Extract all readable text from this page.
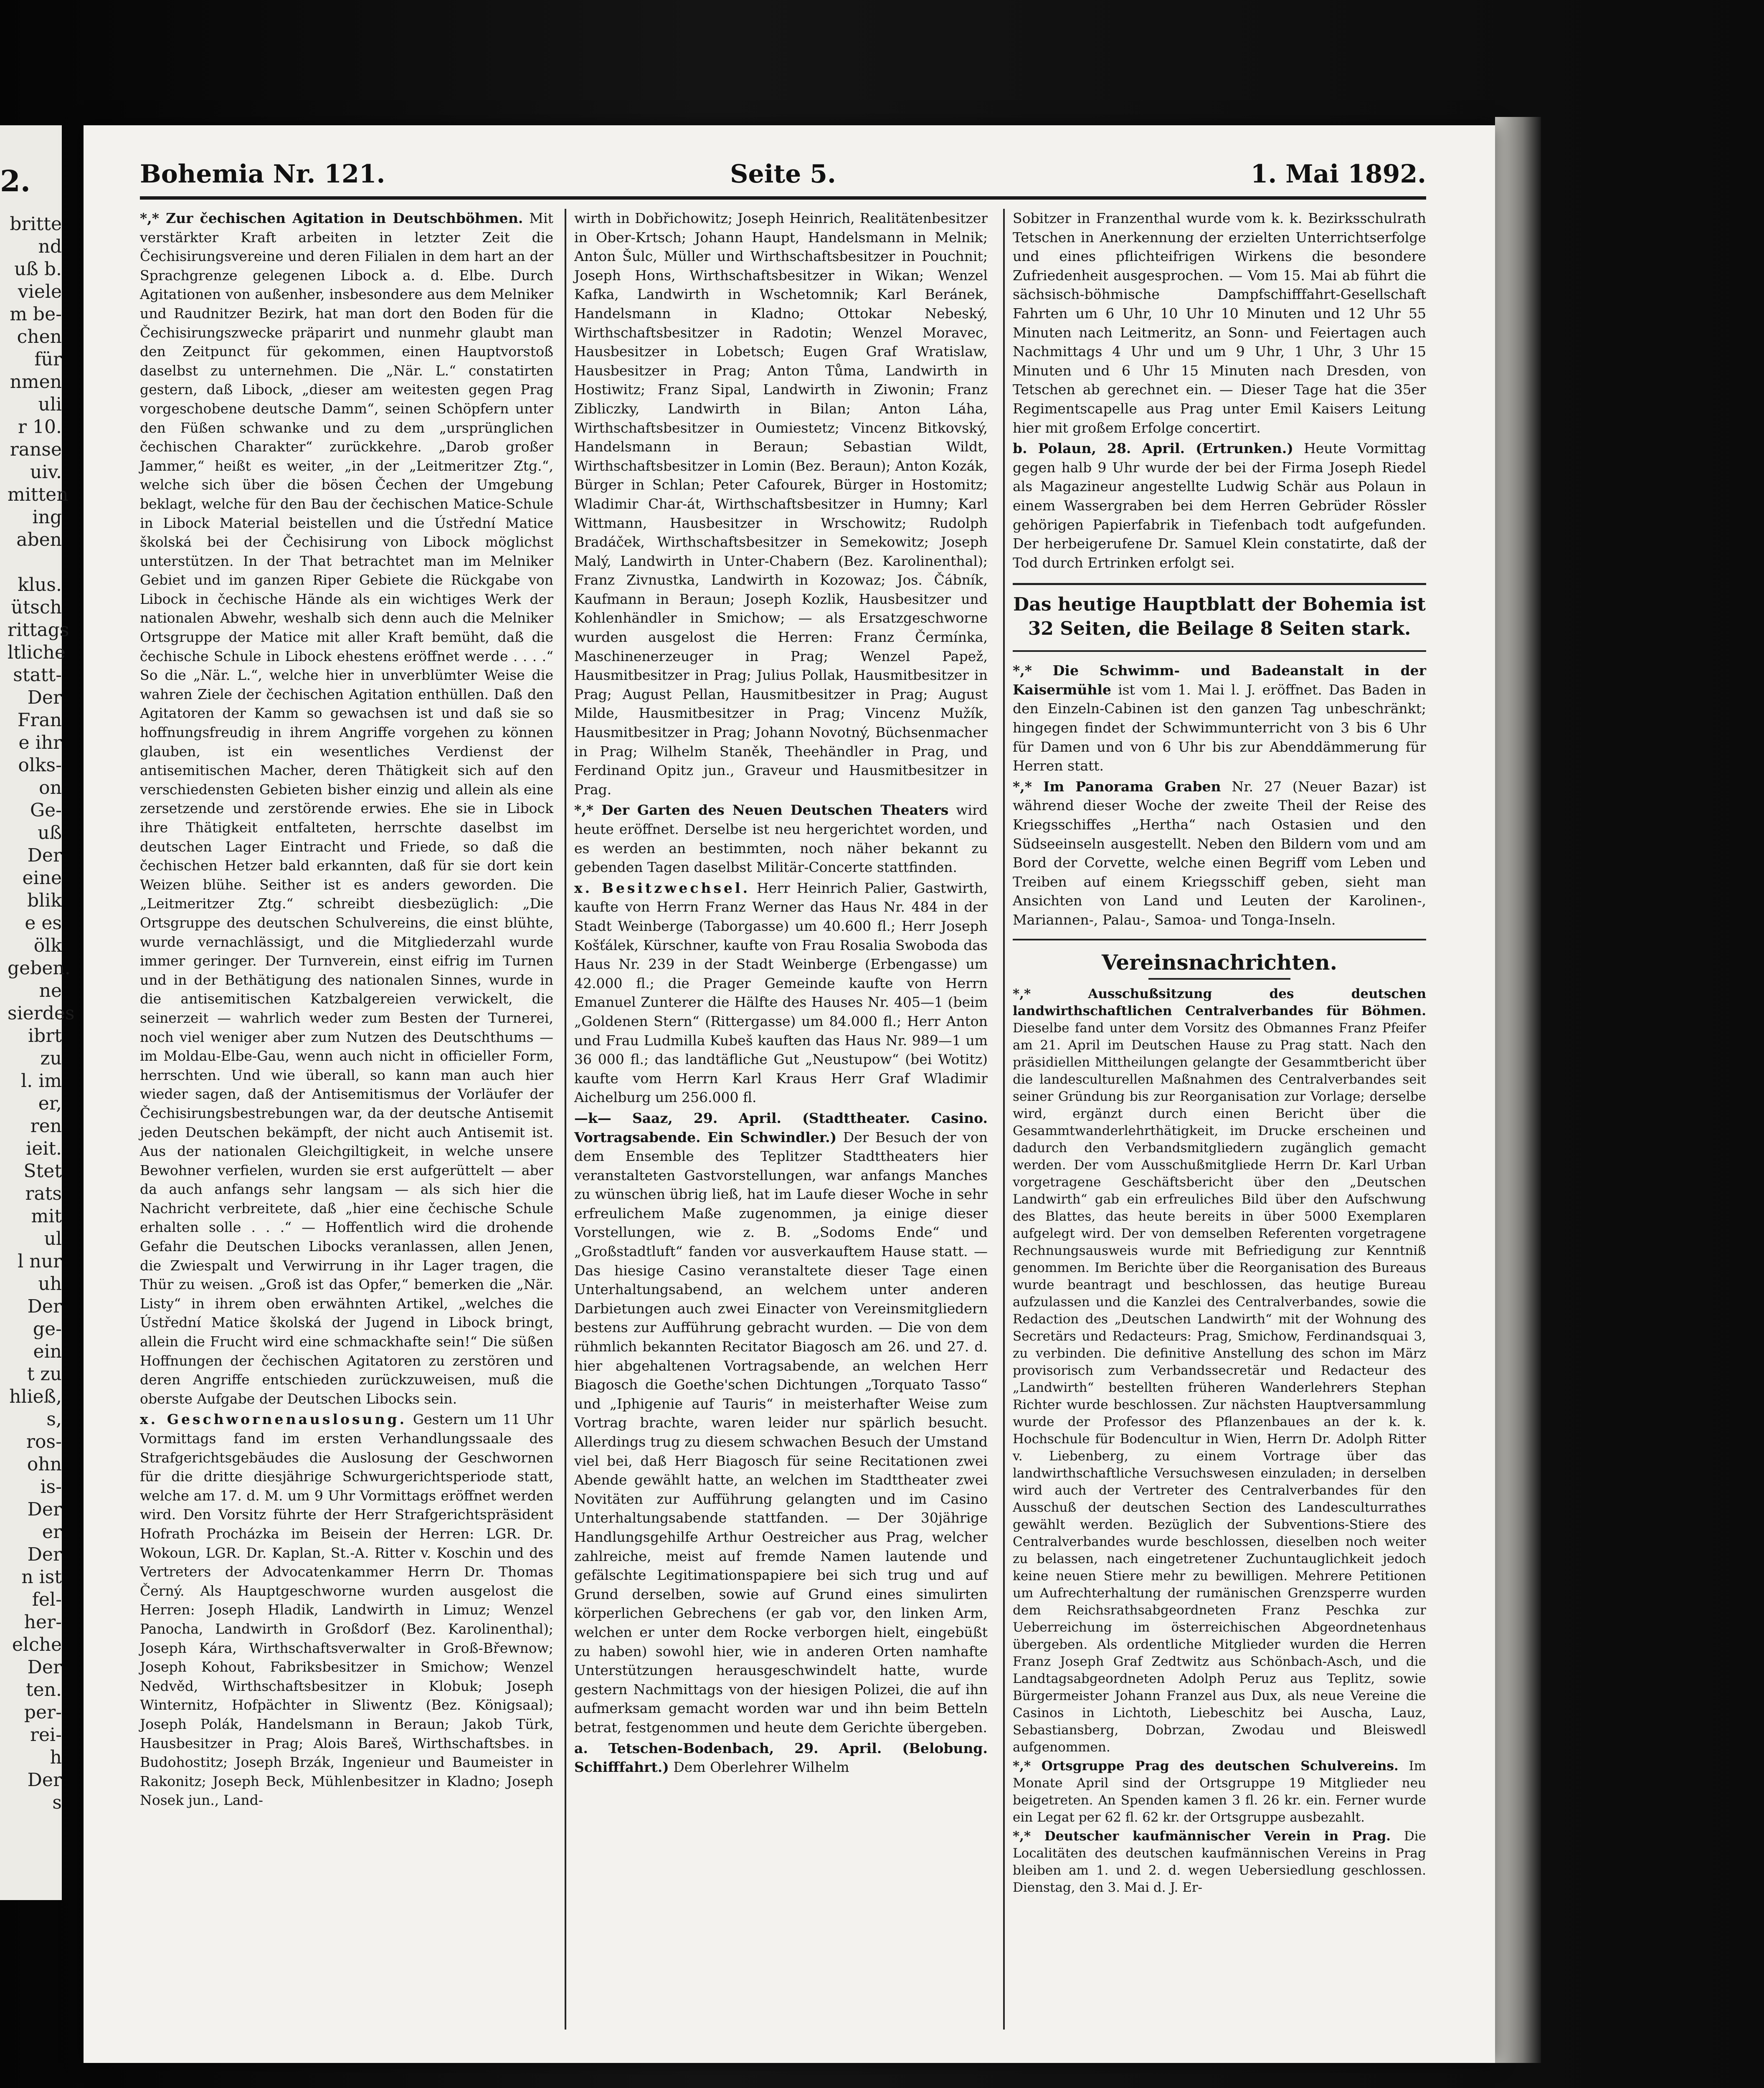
2.
britte
nd
uß b.
viele
m be-
chen
für
nmen
uli
r 10.
ranse
uiv.
mitten
ing
aben
klus.
ütsch
rittags
ltliche
statt-
Der
Fran
e ihr
olks-
on
Ge-
uß
Der
eine
blik
e es
ölk
geben.
ne
sierdes
ibrt
zu
l. im
er,
ren
ieit.
Stet
rats
mit
ul
l nur
uh
Der
ge-
ein
t zu
hließ,
s,
ros-
ohn
is-
Der
er
Der
n ist
fel-
her-
elche
Der
ten.
per-
rei-
h
Der
s
Seite 5.
Bohemia Nr. 121.	1. Mai 1892.

*,* Zur čechischen Agitation in Deutschböhmen. Mit verstärkter Kraft arbeiten in letzter Zeit die Čechisirungsvereine und deren Filialen in dem hart an der Sprachgrenze gelegenen Libock a. d. Elbe. Durch Agitationen von außenher, insbesondere aus dem Melniker und Raudnitzer Bezirk, hat man dort den Boden für die Čechisirungszwecke präparirt und nunmehr glaubt man den Zeitpunct für gekommen, einen Hauptvorstoß daselbst zu unternehmen. Die „När. L.“ constatirten gestern, daß Libock, „dieser am weitesten gegen Prag vorgeschobene deutsche Damm“, seinen Schöpfern unter den Füßen schwanke und zu dem „ursprünglichen čechischen Charakter“ zurückkehre. „Darob großer Jammer,“ heißt es weiter, „in der „Leitmeritzer Ztg.“, welche sich über die bösen Čechen der Umgebung beklagt, welche für den Bau der čechischen Matice-Schule in Libock Material beistellen und die Ústřední Matice školská bei der Čechisirung von Libock möglichst unterstützen. In der That betrachtet man im Melniker Gebiet und im ganzen Riper Gebiete die Rückgabe von Libock in čechische Hände als ein wichtiges Werk der nationalen Abwehr, weshalb sich denn auch die Melniker Ortsgruppe der Matice mit aller Kraft bemüht, daß die čechische Schule in Libock ehestens eröffnet werde . . . .“ So die „När. L.“, welche hier in unverblümter Weise die wahren Ziele der čechischen Agitation enthüllen. Daß den Agitatoren der Kamm so gewachsen ist und daß sie so hoffnungsfreudig in ihrem Angriffe vorgehen zu können glauben, ist ein wesentliches Verdienst der antisemitischen Macher, deren Thätigkeit sich auf den verschiedensten Gebieten bisher einzig und allein als eine zersetzende und zerstörende erwies. Ehe sie in Libock ihre Thätigkeit entfalteten, herrschte daselbst im deutschen Lager Eintracht und Friede, so daß die čechischen Hetzer bald erkannten, daß für sie dort kein Weizen blühe. Seither ist es anders geworden. Die „Leitmeritzer Ztg.“ schreibt diesbezüglich: „Die Ortsgruppe des deutschen Schulvereins, die einst blühte, wurde vernachlässigt, und die Mitgliederzahl wurde immer geringer. Der Turnverein, einst eifrig im Turnen und in der Bethätigung des nationalen Sinnes, wurde in die antisemitischen Katzbalgereien verwickelt, die seinerzeit — wahrlich weder zum Besten der Turnerei, noch viel weniger aber zum Nutzen des Deutschthums — im Moldau-Elbe-Gau, wenn auch nicht in officieller Form, herrschten. Und wie überall, so kann man auch hier wieder sagen, daß der Antisemitismus der Vorläufer der Čechisirungsbestrebungen war, da der deutsche Antisemit jeden Deutschen bekämpft, der nicht auch Antisemit ist. Aus der nationalen Gleichgiltigkeit, in welche unsere Bewohner verfielen, wurden sie erst aufgerüttelt — aber da auch anfangs sehr langsam — als sich hier die Nachricht verbreitete, daß „hier eine čechische Schule erhalten solle . . .“ — Hoffentlich wird die drohende Gefahr die Deutschen Libocks veranlassen, allen Jenen, die Zwiespalt und Verwirrung in ihr Lager tragen, die Thür zu weisen. „Groß ist das Opfer,“ bemerken die „När. Listy“ in ihrem oben erwähnten Artikel, „welches die Ústřední Matice školská der Jugend in Libock bringt, allein die Frucht wird eine schmackhafte sein!“ Die süßen Hoffnungen der čechischen Agitatoren zu zerstören und deren Angriffe entschieden zurückzuweisen, muß die oberste Aufgabe der Deutschen Libocks sein.

x. Geschwornenauslosung. Gestern um 11 Uhr Vormittags fand im ersten Verhandlungssaale des Strafgerichtsgebäudes die Auslosung der Geschwornen für die dritte diesjährige Schwurgerichtsperiode statt, welche am 17. d. M. um 9 Uhr Vormittags eröffnet werden wird. Den Vorsitz führte der Herr Strafgerichtspräsident Hofrath Procházka im Beisein der Herren: LGR. Dr. Wokoun, LGR. Dr. Kaplan, St.-A. Ritter v. Koschin und des Vertreters der Advocatenkammer Herrn Dr. Thomas Černý. Als Hauptgeschworne wurden ausgelost die Herren: Joseph Hladik, Landwirth in Limuz; Wenzel Panocha, Landwirth in Großdorf (Bez. Karolinenthal); Joseph Kára, Wirthschaftsverwalter in Groß-Břewnow; Joseph Kohout, Fabriksbesitzer in Smichow; Wenzel Nedvěd, Wirthschaftsbesitzer in Klobuk; Joseph Winternitz, Hofpächter in Sliwentz (Bez. Königsaal); Joseph Polák, Handelsmann in Beraun; Jakob Türk, Hausbesitzer in Prag; Alois Bareš, Wirthschaftsbes. in Budohostitz; Joseph Brzák, Ingenieur und Baumeister in Rakonitz; Joseph Beck, Mühlenbesitzer in Kladno; Joseph Nosek jun., Land-

wirth in Dobřichowitz; Joseph Heinrich, Realitätenbesitzer in Ober-Krtsch; Johann Haupt, Handelsmann in Melnik; Anton Šulc, Müller und Wirthschaftsbesitzer in Pouchnit; Joseph Hons, Wirthschaftsbesitzer in Wikan; Wenzel Kafka, Landwirth in Wschetomnik; Karl Beránek, Handelsmann in Kladno; Ottokar Nebeský, Wirthschaftsbesitzer in Radotin; Wenzel Moravec, Hausbesitzer in Lobetsch; Eugen Graf Wratislaw, Hausbesitzer in Prag; Anton Tůma, Landwirth in Hostiwitz; Franz Sipal, Landwirth in Ziwonin; Franz Zibliczky, Landwirth in Bilan; Anton Láha, Wirthschaftsbesitzer in Oumiestetz; Vincenz Bitkovský, Handelsmann in Beraun; Sebastian Wildt, Wirthschaftsbesitzer in Lomin (Bez. Beraun); Anton Kozák, Bürger in Schlan; Peter Cafourek, Bürger in Hostomitz; Wladimir Char-át, Wirthschaftsbesitzer in Humny; Karl Wittmann, Hausbesitzer in Wrschowitz; Rudolph Bradáček, Wirthschaftsbesitzer in Semekowitz; Joseph Malý, Landwirth in Unter-Chabern (Bez. Karolinenthal); Franz Zivnustka, Landwirth in Kozowaz; Jos. Čábník, Kaufmann in Beraun; Joseph Kozlik, Hausbesitzer und Kohlenhändler in Smichow; — als Ersatzgeschworne wurden ausgelost die Herren: Franz Čermínka, Maschinenerzeuger in Prag; Wenzel Papež, Hausmitbesitzer in Prag; Julius Pollak, Hausmitbesitzer in Prag; August Pellan, Hausmitbesitzer in Prag; August Milde, Hausmitbesitzer in Prag; Vincenz Mužík, Hausmitbesitzer in Prag; Johann Novotný, Büchsenmacher in Prag; Wilhelm Staněk, Theehändler in Prag, und Ferdinand Opitz jun., Graveur und Hausmitbesitzer in Prag.

*,* Der Garten des Neuen Deutschen Theaters wird heute eröffnet. Derselbe ist neu hergerichtet worden, und es werden an bestimmten, noch näher bekannt zu gebenden Tagen daselbst Militär-Concerte stattfinden.

x. Besitzwechsel. Herr Heinrich Palier, Gastwirth, kaufte von Herrn Franz Werner das Haus Nr. 484 in der Stadt Weinberge (Taborgasse) um 40.600 fl.; Herr Joseph Košťálek, Kürschner, kaufte von Frau Rosalia Swoboda das Haus Nr. 239 in der Stadt Weinberge (Erbengasse) um 42.000 fl.; die Prager Gemeinde kaufte von Herrn Emanuel Zunterer die Hälfte des Hauses Nr. 405—1 (beim „Goldenen Stern“ (Rittergasse) um 84.000 fl.; Herr Anton und Frau Ludmilla Kubeš kauften das Haus Nr. 989—1 um 36 000 fl.; das landtäfliche Gut „Neustupow“ (bei Wotitz) kaufte vom Herrn Karl Kraus Herr Graf Wladimir Aichelburg um 256.000 fl.

—k— Saaz, 29. April. (Stadttheater. Casino. Vortragsabende. Ein Schwindler.) Der Besuch der von dem Ensemble des Teplitzer Stadttheaters hier veranstalteten Gastvorstellungen, war anfangs Manches zu wünschen übrig ließ, hat im Laufe dieser Woche in sehr erfreulichem Maße zugenommen, ja einige dieser Vorstellungen, wie z. B. „Sodoms Ende“ und „Großstadtluft“ fanden vor ausverkauftem Hause statt. — Das hiesige Casino veranstaltete dieser Tage einen Unterhaltungsabend, an welchem unter anderen Darbietungen auch zwei Einacter von Vereinsmitgliedern bestens zur Aufführung gebracht wurden. — Die von dem rühmlich bekannten Recitator Biagosch am 26. und 27. d. hier abgehaltenen Vortragsabende, an welchen Herr Biagosch die Goethe'schen Dichtungen „Torquato Tasso“ und „Iphigenie auf Tauris“ in meisterhafter Weise zum Vortrag brachte, waren leider nur spärlich besucht. Allerdings trug zu diesem schwachen Besuch der Umstand viel bei, daß Herr Biagosch für seine Recitationen zwei Abende gewählt hatte, an welchen im Stadttheater zwei Novitäten zur Aufführung gelangten und im Casino Unterhaltungsabende stattfanden. — Der 30jährige Handlungsgehilfe Arthur Oestreicher aus Prag, welcher zahlreiche, meist auf fremde Namen lautende und gefälschte Legitimationspapiere bei sich trug und auf Grund derselben, sowie auf Grund eines simulirten körperlichen Gebrechens (er gab vor, den linken Arm, welchen er unter dem Rocke verborgen hielt, eingebüßt zu haben) sowohl hier, wie in anderen Orten namhafte Unterstützungen herausgeschwindelt hatte, wurde gestern Nachmittags von der hiesigen Polizei, die auf ihn aufmerksam gemacht worden war und ihn beim Betteln betrat, festgenommen und heute dem Gerichte übergeben.

a. Tetschen-Bodenbach, 29. April. (Belobung. Schifffahrt.) Dem Oberlehrer Wilhelm

Sobitzer in Franzenthal wurde vom k. k. Bezirksschulrath Tetschen in Anerkennung der erzielten Unterrichtserfolge und eines pflichteifrigen Wirkens die besondere Zufriedenheit ausgesprochen. — Vom 15. Mai ab führt die sächsisch-böhmische Dampfschifffahrt-Gesellschaft Fahrten um 6 Uhr, 10 Uhr 10 Minuten und 12 Uhr 55 Minuten nach Leitmeritz, an Sonn- und Feiertagen auch Nachmittags 4 Uhr und um 9 Uhr, 1 Uhr, 3 Uhr 15 Minuten und 6 Uhr 15 Minuten nach Dresden, von Tetschen ab gerechnet ein. — Dieser Tage hat die 35er Regimentscapelle aus Prag unter Emil Kaisers Leitung hier mit großem Erfolge concertirt.

b. Polaun, 28. April. (Ertrunken.) Heute Vormittag gegen halb 9 Uhr wurde der bei der Firma Joseph Riedel als Magazineur angestellte Ludwig Schär aus Polaun in einem Wassergraben bei dem Herren Gebrüder Rössler gehörigen Papierfabrik in Tiefenbach todt aufgefunden. Der herbeigerufene Dr. Samuel Klein constatirte, daß der Tod durch Ertrinken erfolgt sei.

Das heutige Hauptblatt der Bohemia ist 32 Seiten, die Beilage 8 Seiten stark.

*,* Die Schwimm- und Badeanstalt in der Kaisermühle ist vom 1. Mai l. J. eröffnet. Das Baden in den Einzeln-Cabinen ist den ganzen Tag unbeschränkt; hingegen findet der Schwimmunterricht von 3 bis 6 Uhr für Damen und von 6 Uhr bis zur Abenddämmerung für Herren statt.

*,* Im Panorama Graben Nr. 27 (Neuer Bazar) ist während dieser Woche der zweite Theil der Reise des Kriegsschiffes „Hertha“ nach Ostasien und den Südseeinseln ausgestellt. Neben den Bildern vom und am Bord der Corvette, welche einen Begriff vom Leben und Treiben auf einem Kriegsschiff geben, sieht man Ansichten von Land und Leuten der Karolinen-, Mariannen-, Palau-, Samoa- und Tonga-Inseln.

Vereinsnachrichten.

*,* Ausschußsitzung des deutschen landwirthschaftlichen Centralverbandes für Böhmen. Dieselbe fand unter dem Vorsitz des Obmannes Franz Pfeifer am 21. April im Deutschen Hause zu Prag statt. Nach den präsidiellen Mittheilungen gelangte der Gesammtbericht über die landesculturellen Maßnahmen des Centralverbandes seit seiner Gründung bis zur Reorganisation zur Vorlage; derselbe wird, ergänzt durch einen Bericht über die Gesammtwanderlehrthätigkeit, im Drucke erscheinen und dadurch den Verbandsmitgliedern zugänglich gemacht werden. Der vom Ausschußmitgliede Herrn Dr. Karl Urban vorgetragene Geschäftsbericht über den „Deutschen Landwirth“ gab ein erfreuliches Bild über den Aufschwung des Blattes, das heute bereits in über 5000 Exemplaren aufgelegt wird. Der von demselben Referenten vorgetragene Rechnungsausweis wurde mit Befriedigung zur Kenntniß genommen. Im Berichte über die Reorganisation des Bureaus wurde beantragt und beschlossen, das heutige Bureau aufzulassen und die Kanzlei des Centralverbandes, sowie die Redaction des „Deutschen Landwirth“ mit der Wohnung des Secretärs und Redacteurs: Prag, Smichow, Ferdinandsquai 3, zu verbinden. Die definitive Anstellung des schon im März provisorisch zum Verbandssecretär und Redacteur des „Landwirth“ bestellten früheren Wanderlehrers Stephan Richter wurde beschlossen. Zur nächsten Hauptversammlung wurde der Professor des Pflanzenbaues an der k. k. Hochschule für Bodencultur in Wien, Herrn Dr. Adolph Ritter v. Liebenberg, zu einem Vortrage über das landwirthschaftliche Versuchswesen einzuladen; in derselben wird auch der Vertreter des Centralverbandes für den Ausschuß der deutschen Section des Landesculturrathes gewählt werden. Bezüglich der Subventions-Stiere des Centralverbandes wurde beschlossen, dieselben noch weiter zu belassen, nach eingetretener Zuchuntauglichkeit jedoch keine neuen Stiere mehr zu bewilligen. Mehrere Petitionen um Aufrechterhaltung der rumänischen Grenzsperre wurden dem Reichsrathsabgeordneten Franz Peschka zur Ueberreichung im österreichischen Abgeordnetenhaus übergeben. Als ordentliche Mitglieder wurden die Herren Franz Joseph Graf Zedtwitz aus Schönbach-Asch, und die Landtagsabgeordneten Adolph Peruz aus Teplitz, sowie Bürgermeister Johann Franzel aus Dux, als neue Vereine die Casinos in Lichtoth, Liebeschitz bei Auscha, Lauz, Sebastiansberg, Dobrzan, Zwodau und Bleiswedl aufgenommen.

*,* Ortsgruppe Prag des deutschen Schulvereins. Im Monate April sind der Ortsgruppe 19 Mitglieder neu beigetreten. An Spenden kamen 3 fl. 26 kr. ein. Ferner wurde ein Legat per 62 fl. 62 kr. der Ortsgruppe ausbezahlt.

*,* Deutscher kaufmännischer Verein in Prag. Die Localitäten des deutschen kaufmännischen Vereins in Prag bleiben am 1. und 2. d. wegen Uebersiedlung geschlossen. Dienstag, den 3. Mai d. J. Er-
